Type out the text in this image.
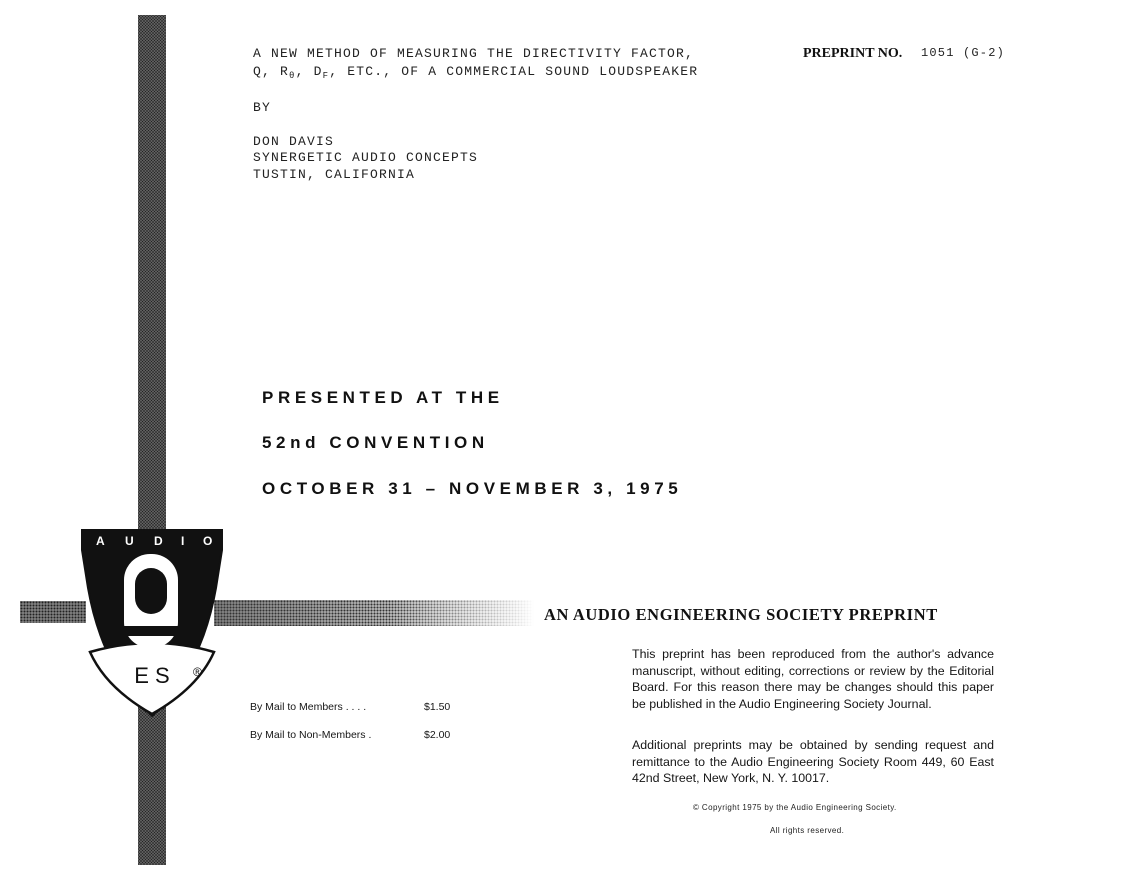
A U D I O
E S ®
A NEW METHOD OF MEASURING THE DIRECTIVITY FACTOR,
Q, $R_\theta$, $D_F$, ETC., OF A COMMERCIAL SOUND LOUDSPEAKER
BY
DON DAVIS
SYNERGETIC AUDIO CONCEPTS
TUSTIN, CALIFORNIA
PREPRINT NO. 1051 (G-2)
PRESENTED AT THE
52nd CONVENTION
OCTOBER 31 – NOVEMBER 3, 1975
AN AUDIO ENGINEERING SOCIETY PREPRINT
This preprint has been reproduced from the author's advance manuscript, without editing, corrections or review by the Editorial Board. For this reason there may be changes should this paper be published in the Audio Engineering Society Journal.
Additional preprints may be obtained by sending request and remittance to the Audio Engineering Society Room 449, 60 East 42nd Street, New York, N. Y. 10017.
By Mail to Members . . . .	$1.50
By Mail to Non-Members .	$2.00
© Copyright 1975 by the Audio Engineering Society.
All rights reserved.
